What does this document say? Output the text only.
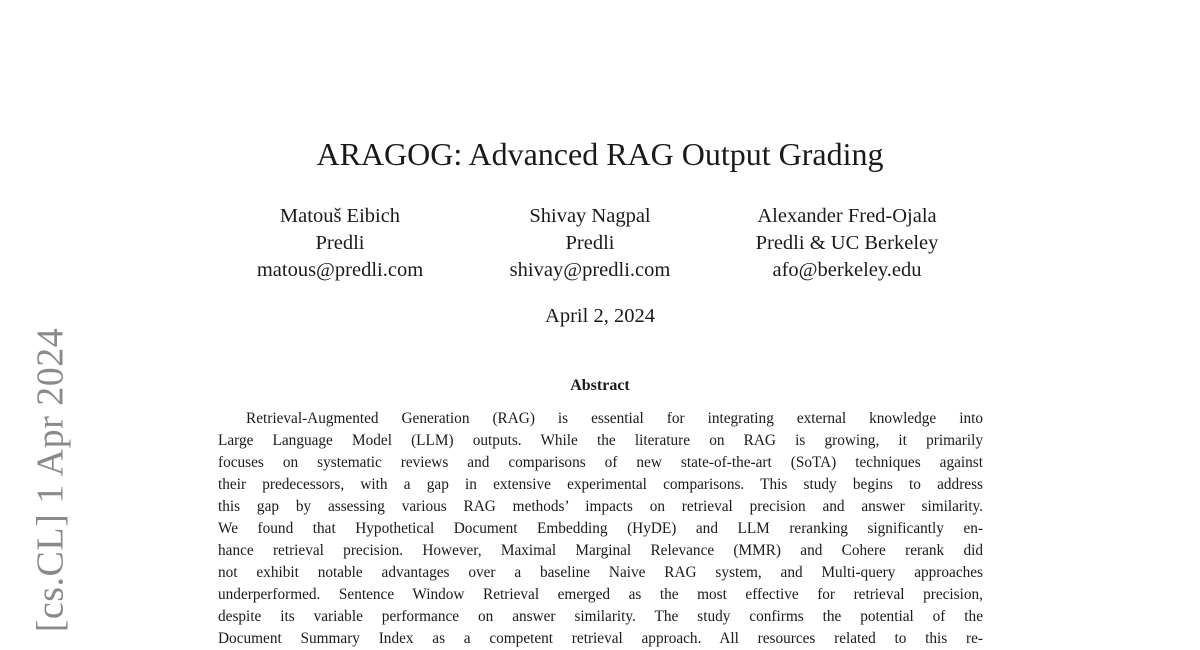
[cs.CL] 1 Apr 2024
ARAGOG: Advanced RAG Output Grading
Matouš Eibich
Predli
matous@predli.com
Shivay Nagpal
Predli
shivay@predli.com
Alexander Fred-Ojala
Predli & UC Berkeley
afo@berkeley.edu
April 2, 2024
Abstract
Retrieval-Augmented Generation (RAG) is essential for integrating external knowledge into
Large Language Model (LLM) outputs. While the literature on RAG is growing, it primarily
focuses on systematic reviews and comparisons of new state-of-the-art (SoTA) techniques against
their predecessors, with a gap in extensive experimental comparisons. This study begins to address
this gap by assessing various RAG methods’ impacts on retrieval precision and answer similarity.
We found that Hypothetical Document Embedding (HyDE) and LLM reranking significantly en-
hance retrieval precision. However, Maximal Marginal Relevance (MMR) and Cohere rerank did
not exhibit notable advantages over a baseline Naive RAG system, and Multi-query approaches
underperformed. Sentence Window Retrieval emerged as the most effective for retrieval precision,
despite its variable performance on answer similarity. The study confirms the potential of the
Document Summary Index as a competent retrieval approach. All resources related to this re-
